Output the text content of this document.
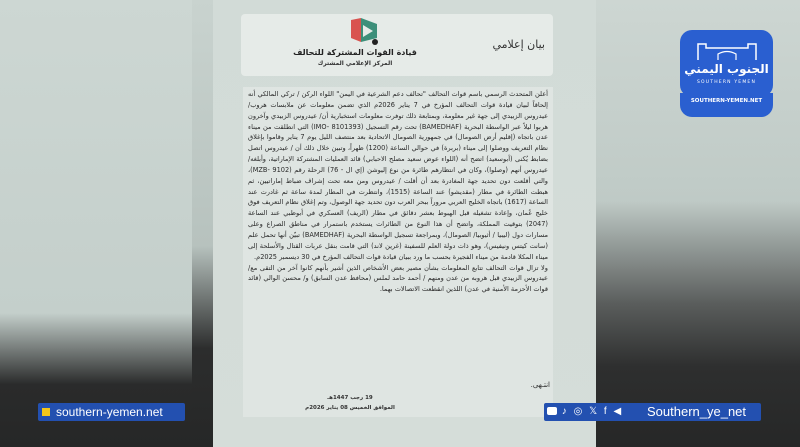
قيادة القوات المشتركة للتحالف
المركز الإعلامي المشترك
بيان إعلامي

أعلن المتحدث الرسمي باسم قوات التحالف "تحالف دعم الشرعية في اليمن" اللواء الركن / تركي المالكي أنه إلحاقاً لبيان قيادة قوات التحالف المؤرخ في 7 يناير 2026م الذي تضمن معلومات عن ملابسات هروب/ عيدروس الزبيدي إلى جهة غير معلومة، وبمتابعة ذلك توفرت معلومات استخبارية أن/ عيدروس الزبيدي وآخرون هربوا ليلاً عبر الواسطة البحرية (BAMEDHAF) تحت رقم التسجيل (IMO- 8101393) التي انطلقت من ميناء عدن باتجاه (إقليم أرض الصومال) في جمهورية الصومال الاتحادية بعد منتصف الليل يوم 7 يناير وقاموا بإغلاق نظام التعريف ووصلوا إلى ميناء (بربرة) في حوالي الساعة (1200) ظهراً، وتبين خلال ذلك أن / عيدروس اتصل بضابط يُكنى (أبوسعيد) اتضح أنه (اللواء عوض سعيد مصلح الاحبابي) قائد العمليات المشتركة الإماراتية، وأبلغه/ عيدروس أنهم (وصلوا)، وكان في انتظارهم طائرة من نوع إليوشن (إي ال - 76) الرحلة رقم (9102 -MZB)، والتي أقلعت دون تحديد جهة المغادرة بعد أن أقلت / عيدروس ومن معه تحت إشراف ضباط إماراتيين، ثم هبطت الطائرة في مطار (مقديشو) عند الساعة (1515)، وانتظرت في المطار لمدة ساعة ثم غادرت عند الساعة (1617) باتجاه الخليج العربي مروراً ببحر العرب دون تحديد جهة الوصول، وتم إغلاق نظام التعريف فوق خليج عُمان، وإعادة تشغيله قبل الهبوط بعشر دقائق في مطار (الريف) العسكري في أبوظبي عند الساعة (2047) بتوقيت المملكة، واتضح أن هذا النوع من الطائرات يستخدم باستمرار في مناطق الصراع وعلى مسارات دول (ليبيا / أثيوبيا/ الصومال)، وبمراجعة تسجيل الواسطة البحرية (BAMEDHAF) تبيّن أنها تحمل علم (سانت كيتس ونيفيس)، وهو ذات دولة العلم للسفينة (غرين لاند) التي قامت بنقل عربات القتال والأسلحة إلى ميناء المكلا قادمة من ميناء الفجيرة بحسب ما ورد ببيان قيادة قوات التحالف المؤرخ في 30 ديسمبر 2025م.

ولا تزال قوات التحالف تتابع المعلومات بشأن مصير بعض الأشخاص الذين أشير بأنهم كانوا آخر من التقى مع/ عيدروس الزبيدي قبل هروبه من عدن ومنهم / أحمد حامد لملس (محافظ عدن السابق) و/ محسن الوالي (قائد قوات الأحزمة الأمنية في عدن) اللذين انقطعت الاتصالات بهما.

انتـهى.
19 رجب 1447هـ
الموافق الخميس 08 يناير 2026م
الجنوب اليمني
SOUTHERN YEMEN
SOUTHERN-YEMEN.NET
southern-yemen.net	♪ ◎ 𝕏 f ◀ Southern_ye_net
